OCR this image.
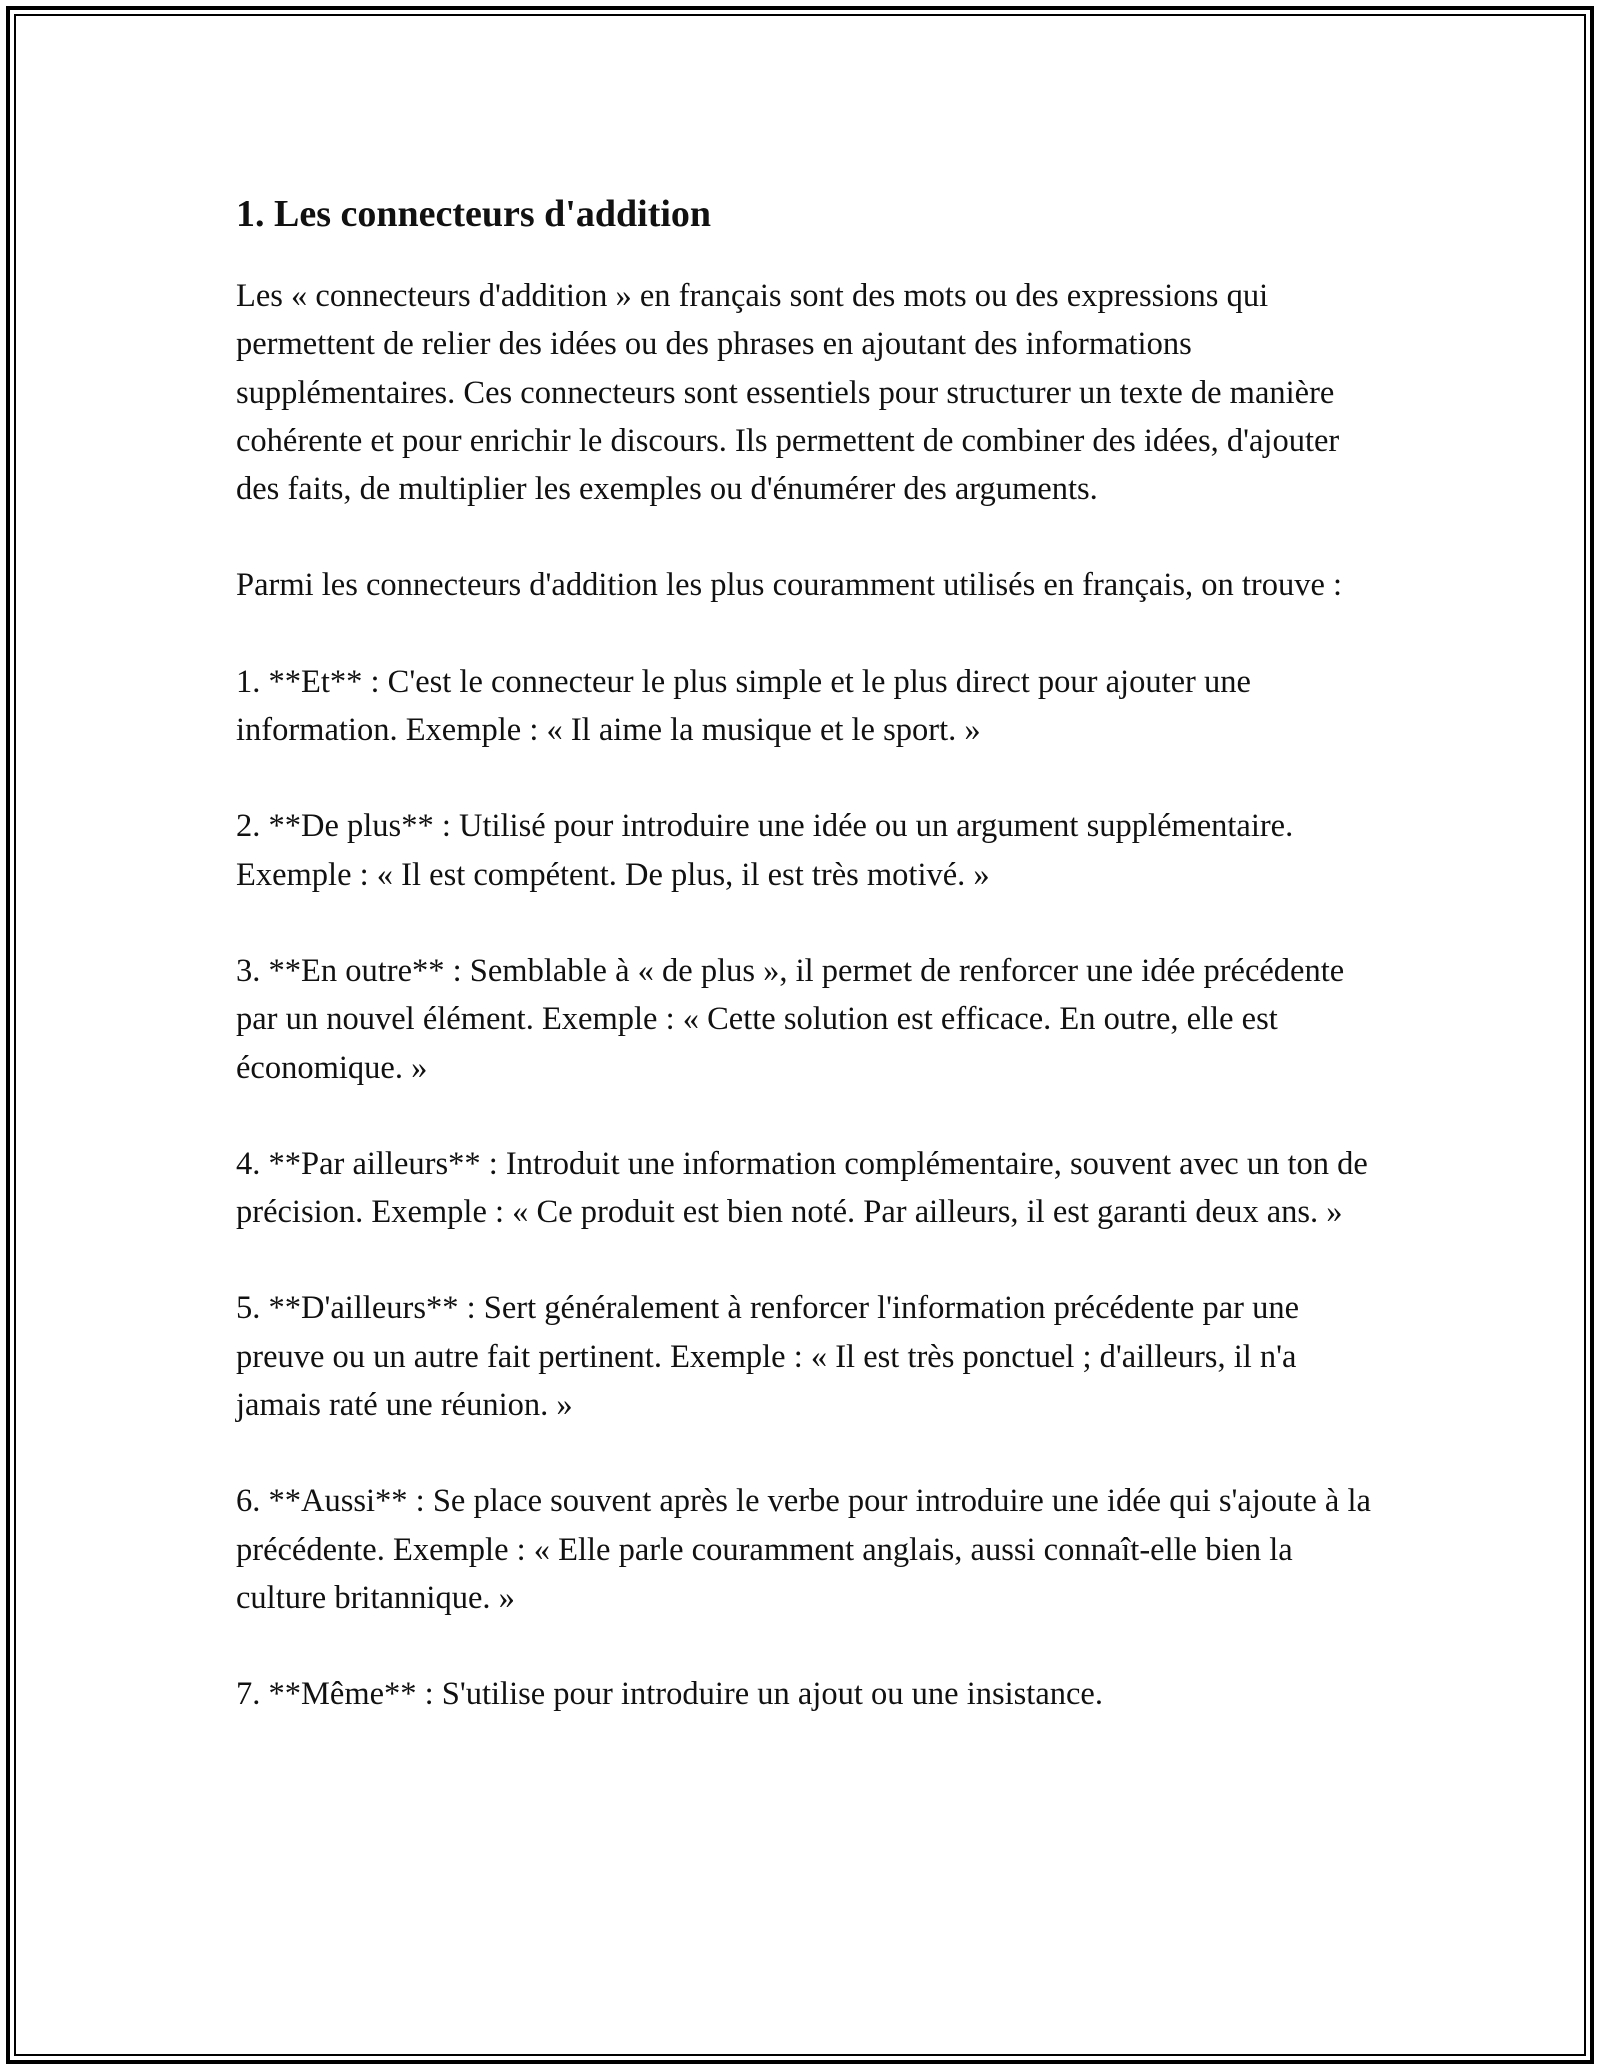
1. Les connecteurs d'addition

Les « connecteurs d'addition » en français sont des mots ou des expressions qui permettent de relier des idées ou des phrases en ajoutant des informations supplémentaires. Ces connecteurs sont essentiels pour structurer un texte de manière cohérente et pour enrichir le discours. Ils permettent de combiner des idées, d'ajouter des faits, de multiplier les exemples ou d'énumérer des arguments.

Parmi les connecteurs d'addition les plus couramment utilisés en français, on trouve :

1. **Et** : C'est le connecteur le plus simple et le plus direct pour ajouter une information. Exemple : « Il aime la musique et le sport. »

2. **De plus** : Utilisé pour introduire une idée ou un argument supplémentaire. Exemple : « Il est compétent. De plus, il est très motivé. »

3. **En outre** : Semblable à « de plus », il permet de renforcer une idée précédente par un nouvel élément. Exemple : « Cette solution est efficace. En outre, elle est économique. »

4. **Par ailleurs** : Introduit une information complémentaire, souvent avec un ton de précision. Exemple : « Ce produit est bien noté. Par ailleurs, il est garanti deux ans. »

5. **D'ailleurs** : Sert généralement à renforcer l'information précédente par une preuve ou un autre fait pertinent. Exemple : « Il est très ponctuel ; d'ailleurs, il n'a jamais raté une réunion. »

6. **Aussi** : Se place souvent après le verbe pour introduire une idée qui s'ajoute à la précédente. Exemple : « Elle parle couramment anglais, aussi connaît-elle bien la culture britannique. »

7. **Même** : S'utilise pour introduire un ajout ou une insistance.
